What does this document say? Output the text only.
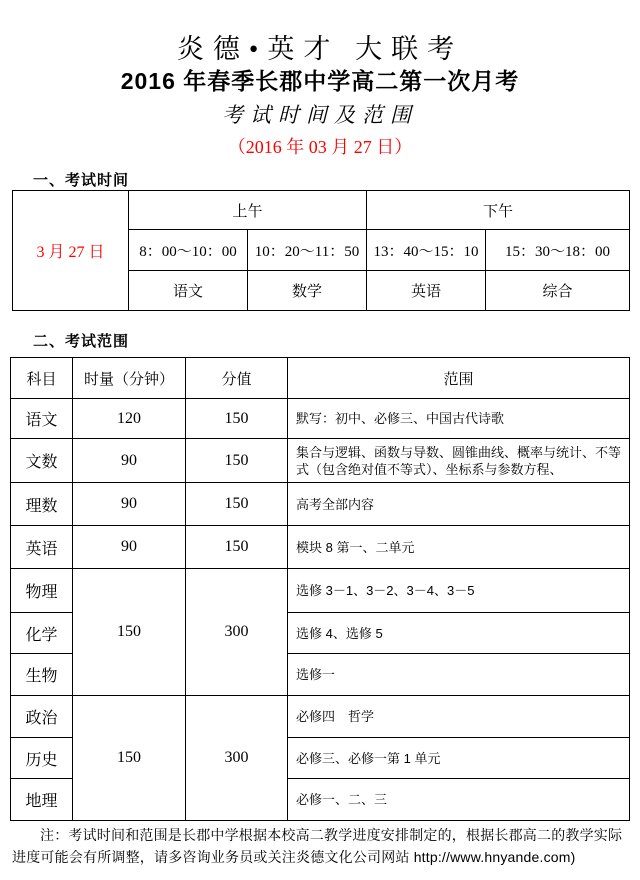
炎德•英才 大联考
2016 年春季长郡中学高二第一次月考
考试时间及范围
（2016 年 03 月 27 日）
一、考试时间
3 月 27 日	上午		下午	
	8：00～10：00	10：20～11：50	13：40～15：10	15：30～18：00
	语文	数学	英语	综合
二、考试范围
科目	时量（分钟）	分值	范围
语文	120	150	默写：初中、必修三、中国古代诗歌
文数	90	150	集合与逻辑、函数与导数、圆锥曲线、概率与统计、不等式（包含绝对值不等式）、坐标系与参数方程、
理数	90	150	高考全部内容
英语	90	150	模块 8 第一、二单元
物理	150	300	选修 3－1、3－2、3－4、3－5
化学			选修 4、选修 5
生物			选修一
政治	150	300	必修四　哲学
历史			必修三、必修一第 1 单元
地理			必修一、二、三

注：考试时间和范围是长郡中学根据本校高二教学进度安排制定的，根据长郡高二的教学实际进度可能会有所调整，请多咨询业务员或关注炎德文化公司网站 http://www.hnyande.com)
